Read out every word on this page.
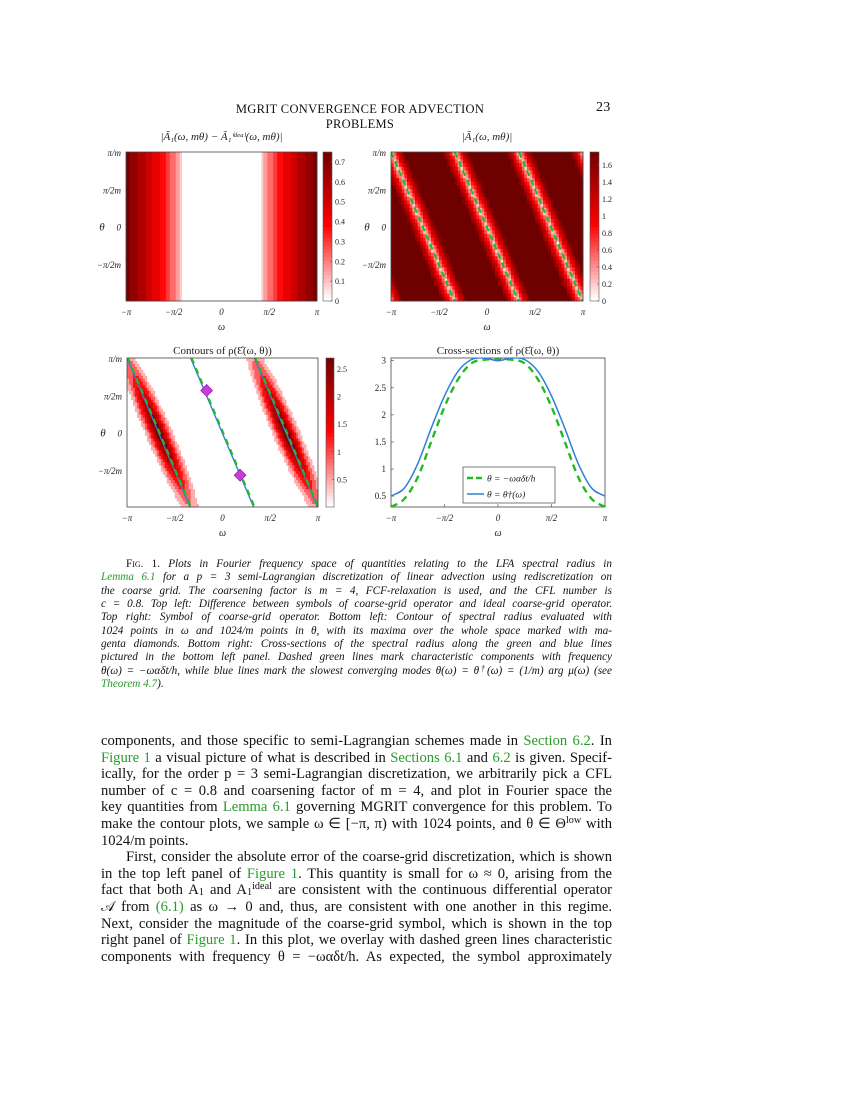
MGRIT CONVERGENCE FOR ADVECTION PROBLEMS
23
−π	−π/2	0	π/2	π
ω
π/m
π/2m
0
−π/2m
θ
|Ã₁(ω, mθ) − Ã₁ⁱᵈᵉᵃˡ(ω, mθ)|
0
0.1
0.2
0.3
0.4
0.5
0.6
0.7
−π	−π/2	0	π/2	π
ω
π/m
π/2m
0
−π/2m
θ
|Ã₁(ω, mθ)|
0
0.2
0.4
0.6
0.8
1
1.2
1.4
1.6
−π	−π/2	0	π/2	π
ω
π/m
π/2m
0
−π/2m
θ
Contours of ρ(Ɛ̂(ω, θ))
0.5
1
1.5
2
2.5
−π	−π/2	0	π/2	π
0.5
1
1.5
2
2.5
3
ω
Cross-sections of ρ(Ɛ̂(ω, θ))
θ = −ωαδt/h
θ = θ†(ω)
Fig. 1. Plots in Fourier frequency space of quantities relating to the LFA spectral radius in
Lemma 6.1 for a p = 3 semi-Lagrangian discretization of linear advection using rediscretization on
the coarse grid. The coarsening factor is m = 4, FCF-relaxation is used, and the CFL number is
c = 0.8. Top left: Difference between symbols of coarse-grid operator and ideal coarse-grid operator.
Top right: Symbol of coarse-grid operator. Bottom left: Contour of spectral radius evaluated with
1024 points in ω and 1024/m points in θ, with its maxima over the whole space marked with ma-
genta diamonds. Bottom right: Cross-sections of the spectral radius along the green and blue lines
pictured in the bottom left panel. Dashed green lines mark characteristic components with frequency
θ(ω) = −ωαδt/h, while blue lines mark the slowest converging modes θ(ω) = θ†(ω) = (1/m) arg μ(ω) (see
Theorem 4.7).
components, and those specific to semi-Lagrangian schemes made in Section 6.2. In
Figure 1 a visual picture of what is described in Sections 6.1 and 6.2 is given. Specif-
ically, for the order p = 3 semi-Lagrangian discretization, we arbitrarily pick a CFL
number of c = 0.8 and coarsening factor of m = 4, and plot in Fourier space the
key quantities from Lemma 6.1 governing MGRIT convergence for this problem. To
make the contour plots, we sample ω ∈ [−π, π) with 1024 points, and θ ∈ $\Theta^{low}$ with
1024/m points.
First, consider the absolute error of the coarse-grid discretization, which is shown
in the top left panel of Figure 1. This quantity is small for ω ≈ 0, arising from the
fact that both A1 and $A1^{ideal}$ are consistent with the continuous differential operator
𝒜 from (6.1) as ω → 0 and, thus, are consistent with one another in this regime.
Next, consider the magnitude of the coarse-grid symbol, which is shown in the top
right panel of Figure 1. In this plot, we overlay with dashed green lines characteristic
components with frequency θ = −ωαδt/h. As expected, the symbol approximately
